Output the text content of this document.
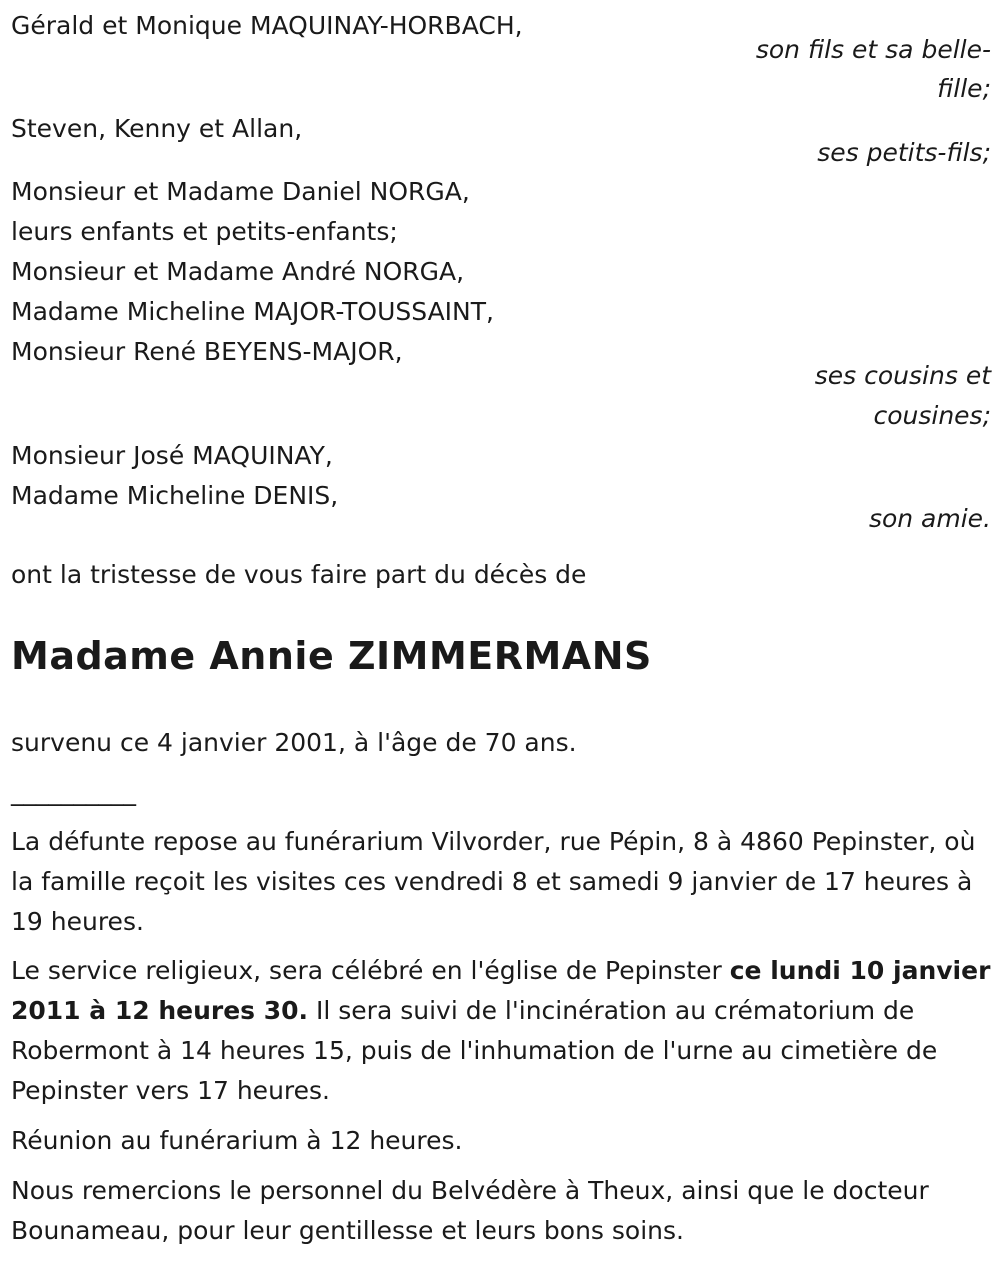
Gérald et Monique MAQUINAY-HORBACH,
son fils et sa belle-
fille;
Steven, Kenny et Allan,
ses petits-fils;
Monsieur et Madame Daniel NORGA,
leurs enfants et petits-enfants;
Monsieur et Madame André NORGA,
Madame Micheline MAJOR-TOUSSAINT,
Monsieur René BEYENS-MAJOR,
ses cousins et
cousines;
Monsieur José MAQUINAY,
Madame Micheline DENIS,
son amie.
ont la tristesse de vous faire part du décès de
Madame Annie ZIMMERMANS
survenu ce 4 janvier 2001, à l'âge de 70 ans.
__________
La défunte repose au funérarium Vilvorder, rue Pépin, 8 à 4860 Pepinster, où la famille reçoit les visites ces vendredi 8 et samedi 9 janvier de 17 heures à 19 heures.
Le service religieux, sera célébré en l'église de Pepinster ce lundi 10 janvier 2011 à 12 heures 30. Il sera suivi de l'incinération au crématorium de Robermont à 14 heures 15, puis de l'inhumation de l'urne au cimetière de Pepinster vers 17 heures.
Réunion au funérarium à 12 heures.
Nous remercions le personnel du Belvédère à Theux, ainsi que le docteur Bounameau, pour leur gentillesse et leurs bons soins.
